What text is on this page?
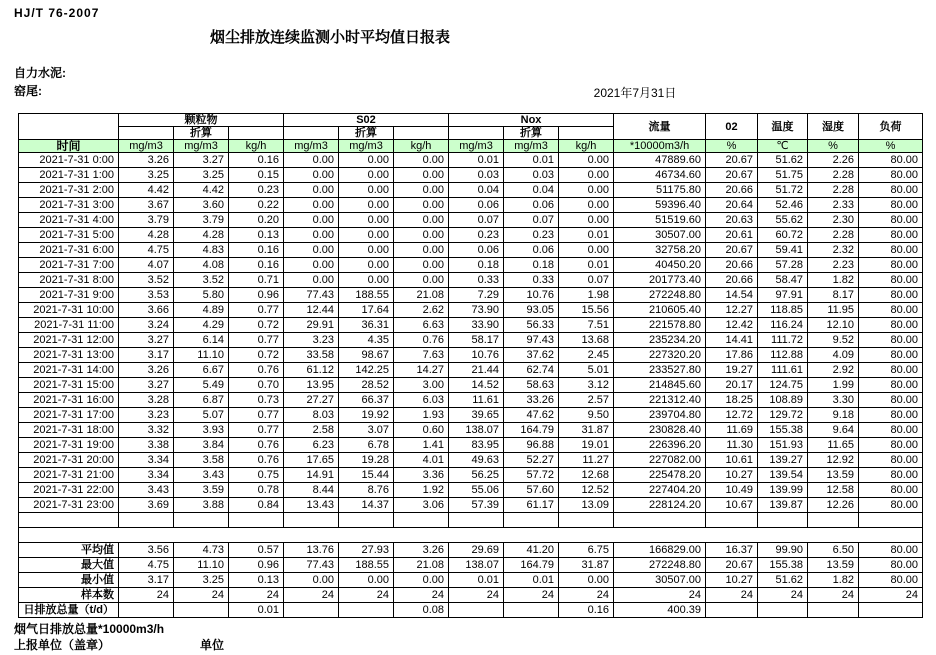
HJ/T 76-2007
烟尘排放连续监测小时平均值日报表
自力水泥:
窑尾:	2021年7月31日
	颗粒物			S02			Nox			流量	02	温度	湿度	负荷
		折算			折算			折算						
时间	mg/m3	mg/m3	kg/h	mg/m3	mg/m3	kg/h	mg/m3	mg/m3	kg/h	*10000m3/h	%	℃	%	%
2021-7-31 0:00	3.26	3.27	0.16	0.00	0.00	0.00	0.01	0.01	0.00	47889.60	20.67	51.62	2.26	80.00
2021-7-31 1:00	3.25	3.25	0.15	0.00	0.00	0.00	0.03	0.03	0.00	46734.60	20.67	51.75	2.28	80.00
2021-7-31 2:00	4.42	4.42	0.23	0.00	0.00	0.00	0.04	0.04	0.00	51175.80	20.66	51.72	2.28	80.00
2021-7-31 3:00	3.67	3.60	0.22	0.00	0.00	0.00	0.06	0.06	0.00	59396.40	20.64	52.46	2.33	80.00
2021-7-31 4:00	3.79	3.79	0.20	0.00	0.00	0.00	0.07	0.07	0.00	51519.60	20.63	55.62	2.30	80.00
2021-7-31 5:00	4.28	4.28	0.13	0.00	0.00	0.00	0.23	0.23	0.01	30507.00	20.61	60.72	2.28	80.00
2021-7-31 6:00	4.75	4.83	0.16	0.00	0.00	0.00	0.06	0.06	0.00	32758.20	20.67	59.41	2.32	80.00
2021-7-31 7:00	4.07	4.08	0.16	0.00	0.00	0.00	0.18	0.18	0.01	40450.20	20.66	57.28	2.23	80.00
2021-7-31 8:00	3.52	3.52	0.71	0.00	0.00	0.00	0.33	0.33	0.07	201773.40	20.66	58.47	1.82	80.00
2021-7-31 9:00	3.53	5.80	0.96	77.43	188.55	21.08	7.29	10.76	1.98	272248.80	14.54	97.91	8.17	80.00
2021-7-31 10:00	3.66	4.89	0.77	12.44	17.64	2.62	73.90	93.05	15.56	210605.40	12.27	118.85	11.95	80.00
2021-7-31 11:00	3.24	4.29	0.72	29.91	36.31	6.63	33.90	56.33	7.51	221578.80	12.42	116.24	12.10	80.00
2021-7-31 12:00	3.27	6.14	0.77	3.23	4.35	0.76	58.17	97.43	13.68	235234.20	14.41	111.72	9.52	80.00
2021-7-31 13:00	3.17	11.10	0.72	33.58	98.67	7.63	10.76	37.62	2.45	227320.20	17.86	112.88	4.09	80.00
2021-7-31 14:00	3.26	6.67	0.76	61.12	142.25	14.27	21.44	62.74	5.01	233527.80	19.27	111.61	2.92	80.00
2021-7-31 15:00	3.27	5.49	0.70	13.95	28.52	3.00	14.52	58.63	3.12	214845.60	20.17	124.75	1.99	80.00
2021-7-31 16:00	3.28	6.87	0.73	27.27	66.37	6.03	11.61	33.26	2.57	221312.40	18.25	108.89	3.30	80.00
2021-7-31 17:00	3.23	5.07	0.77	8.03	19.92	1.93	39.65	47.62	9.50	239704.80	12.72	129.72	9.18	80.00
2021-7-31 18:00	3.32	3.93	0.77	2.58	3.07	0.60	138.07	164.79	31.87	230828.40	11.69	155.38	9.64	80.00
2021-7-31 19:00	3.38	3.84	0.76	6.23	6.78	1.41	83.95	96.88	19.01	226396.20	11.30	151.93	11.65	80.00
2021-7-31 20:00	3.34	3.58	0.76	17.65	19.28	4.01	49.63	52.27	11.27	227082.00	10.61	139.27	12.92	80.00
2021-7-31 21:00	3.34	3.43	0.75	14.91	15.44	3.36	56.25	57.72	12.68	225478.20	10.27	139.54	13.59	80.00
2021-7-31 22:00	3.43	3.59	0.78	8.44	8.76	1.92	55.06	57.60	12.52	227404.20	10.49	139.99	12.58	80.00
2021-7-31 23:00	3.69	3.88	0.84	13.43	14.37	3.06	57.39	61.17	13.09	228124.20	10.67	139.87	12.26	80.00

平均值	3.56	4.73	0.57	13.76	27.93	3.26	29.69	41.20	6.75	166829.00	16.37	99.90	6.50	80.00
最大值	4.75	11.10	0.96	77.43	188.55	21.08	138.07	164.79	31.87	272248.80	20.67	155.38	13.59	80.00
最小值	3.17	3.25	0.13	0.00	0.00	0.00	0.01	0.01	0.00	30507.00	10.27	51.62	1.82	80.00
样本数	24	24	24	24	24	24	24	24	24	24	24	24	24	24
日排放总量（t/d）			0.01			0.08			0.16	400.39				
烟气日排放总量*10000m3/h
上报单位（盖章）	单位
